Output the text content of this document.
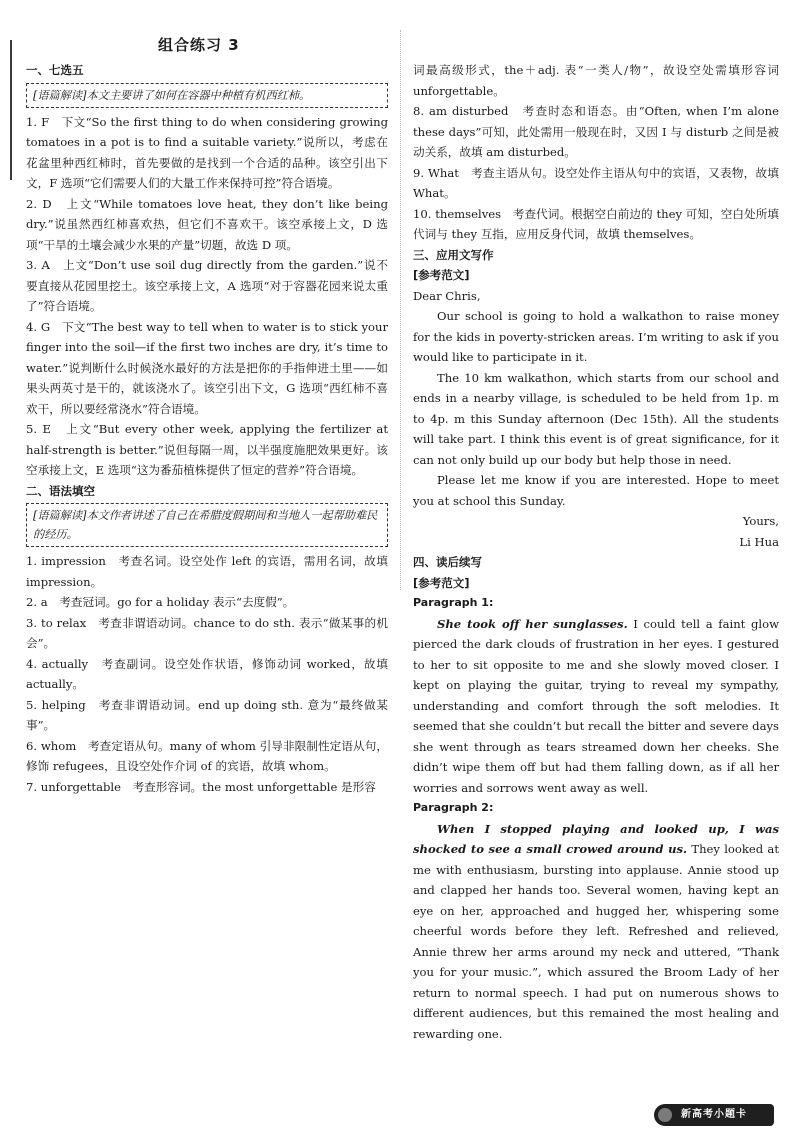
组合练习 3
一、七选五
[语篇解读]本文主要讲了如何在容器中种植有机西红柿。

1. F　下文“So the first thing to do when considering growing tomatoes in a pot is to find a suitable variety.”说所以，考虑在花盆里种西红柿时，首先要做的是找到一个合适的品种。该空引出下文，F 选项“它们需要人们的大量工作来保持可控”符合语境。

2. D　上文“While tomatoes love heat, they don’t like being dry.”说虽然西红柿喜欢热，但它们不喜欢干。该空承接上文，D 选项“干旱的土壤会减少水果的产量”切题，故选 D 项。

3. A　上文“Don’t use soil dug directly from the garden.”说不要直接从花园里挖土。该空承接上文，A 选项“对于容器花园来说太重了”符合语境。

4. G　下文“The best way to tell when to water is to stick your finger into the soil—if the first two inches are dry, it’s time to water.”说判断什么时候浇水最好的方法是把你的手指伸进土里——如果头两英寸是干的，就该浇水了。该空引出下文，G 选项“西红柿不喜欢干，所以要经常浇水”符合语境。

5. E　上文“But every other week, applying the fertilizer at half-strength is better.”说但每隔一周，以半强度施肥效果更好。该空承接上文，E 选项“这为番茄植株提供了恒定的营养”符合语境。

二、语法填空
[语篇解读]本文作者讲述了自己在希腊度假期间和当地人一起帮助难民的经历。

1. impression　考查名词。设空处作 left 的宾语，需用名词，故填 impression。

2. a　考查冠词。go for a holiday 表示“去度假”。

3. to relax　考查非谓语动词。chance to do sth. 表示“做某事的机会”。

4. actually　考查副词。设空处作状语，修饰动词 worked，故填 actually。

5. helping　考查非谓语动词。end up doing sth. 意为“最终做某事”。

6. whom　考查定语从句。many of whom 引导非限制性定语从句，修饰 refugees，且设空处作介词 of 的宾语，故填 whom。

7. unforgettable　考查形容词。the most unforgettable 是形容

词最高级形式，the＋adj. 表“一类人/物”，故设空处需填形容词 unforgettable。

8. am disturbed　考查时态和语态。由“Often, when I’m alone these days”可知，此处需用一般现在时，又因 I 与 disturb 之间是被动关系，故填 am disturbed。

9. What　考查主语从句。设空处作主语从句中的宾语，又表物，故填 What。

10. themselves　考查代词。根据空白前边的 they 可知，空白处所填代词与 they 互指，应用反身代词，故填 themselves。

三、应用文写作
[参考范文]

Dear Chris,

Our school is going to hold a walkathon to raise money for the kids in poverty-stricken areas. I’m writing to ask if you would like to participate in it.

The 10 km walkathon, which starts from our school and ends in a nearby village, is scheduled to be held from 1p. m to 4p. m this Sunday afternoon (Dec 15th). All the students will take part. I think this event is of great significance, for it can not only build up our body but help those in need.

Please let me know if you are interested. Hope to meet you at school this Sunday.

Yours,

Li Hua

四、读后续写
[参考范文]
Paragraph 1:

She took off her sunglasses. I could tell a faint glow pierced the dark clouds of frustration in her eyes. I gestured to her to sit opposite to me and she slowly moved closer. I kept on playing the guitar, trying to reveal my sympathy, understanding and comfort through the soft melodies. It seemed that she couldn’t but recall the bitter and severe days she went through as tears streamed down her cheeks. She didn’t wipe them off but had them falling down, as if all her worries and sorrows went away as well.

Paragraph 2:

When I stopped playing and looked up, I was shocked to see a small crowed around us. They looked at me with enthusiasm, bursting into applause. Annie stood up and clapped her hands too. Several women, having kept an eye on her, approached and hugged her, whispering some cheerful words before they left. Refreshed and relieved, Annie threw her arms around my neck and uttered, “Thank you for your music.”, which assured the Broom Lady of her return to normal speech. I had put on numerous shows to different audiences, but this remained the most healing and rewarding one.

新高考小题卡
